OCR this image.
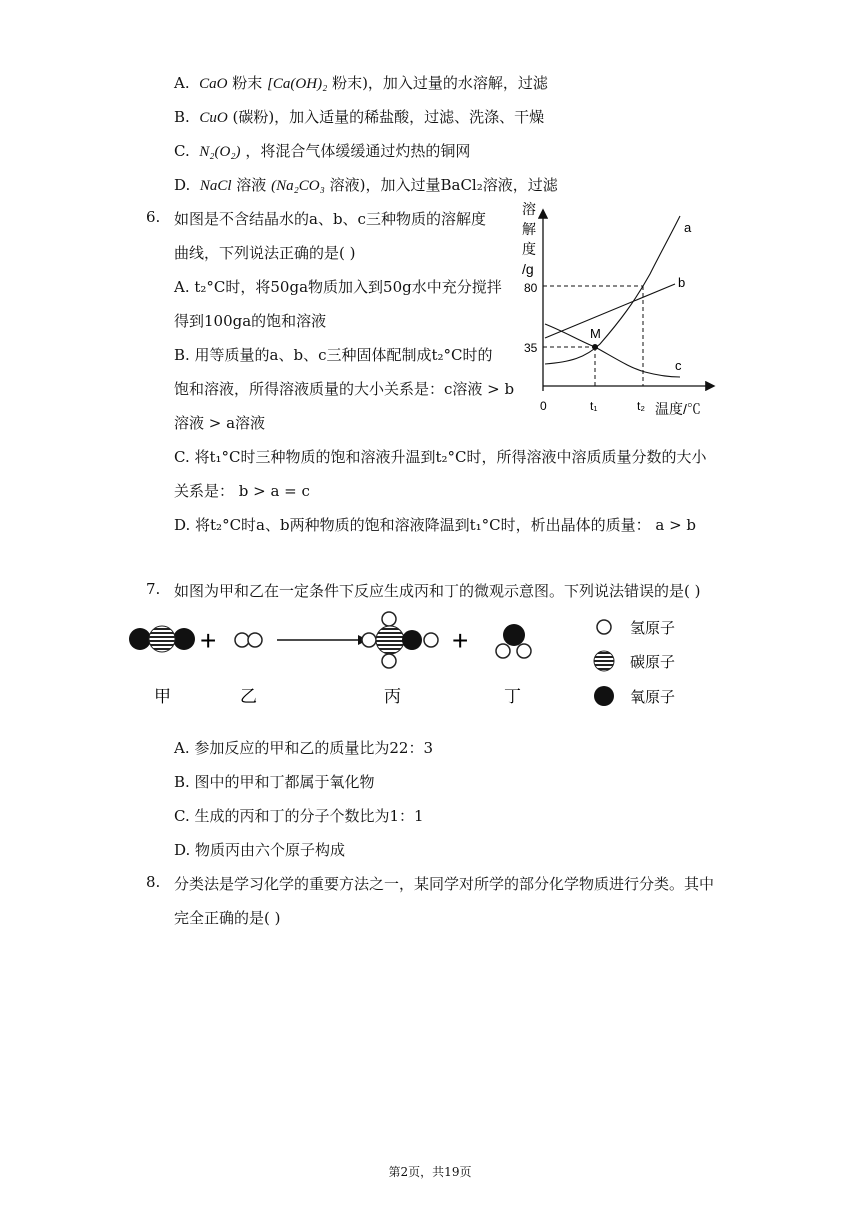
A. CaO 粉末 [Ca(OH)₂ 粉末)，加入过量的水溶解，过滤
B. CuO (碳粉)，加入适量的稀盐酸，过滤、洗涤、干燥
C. N₂(O₂) ，将混合气体缓缓通过灼热的铜网
D. NaCl 溶液 (Na₂CO₃ 溶液)，加入过量BaCl₂溶液，过滤
6. 如图是不含结晶水的a、b、c三种物质的溶解度
曲线，下列说法正确的是( )
A. t₂°C时，将50ga物质加入到50g水中充分搅拌
得到100ga的饱和溶液
B. 用等质量的a、b、c三种固体配制成t₂°C时的
饱和溶液，所得溶液质量的大小关系是：c溶液 > b
溶液 > a溶液
C. 将t₁°C时三种物质的饱和溶液升温到t₂°C时，所得溶液中溶质质量分数的大小
关系是： b > a = c
D. 将t₂°C时a、b两种物质的饱和溶液降温到t₁°C时，析出晶体的质量： a > b
溶
解
度
/g
80
35
M
a
b
c
0	t₁	t₂ 温度/℃
7. 如图为甲和乙在一定条件下反应生成丙和丁的微观示意图。下列说法错误的是( )
+	+
甲	乙	丙	丁
氢原子
碳原子
氧原子
A. 参加反应的甲和乙的质量比为22：3
B. 图中的甲和丁都属于氧化物
C. 生成的丙和丁的分子个数比为1：1
D. 物质丙由六个原子构成
8. 分类法是学习化学的重要方法之一，某同学对所学的部分化学物质进行分类。其中
完全正确的是( )
第2页，共19页
